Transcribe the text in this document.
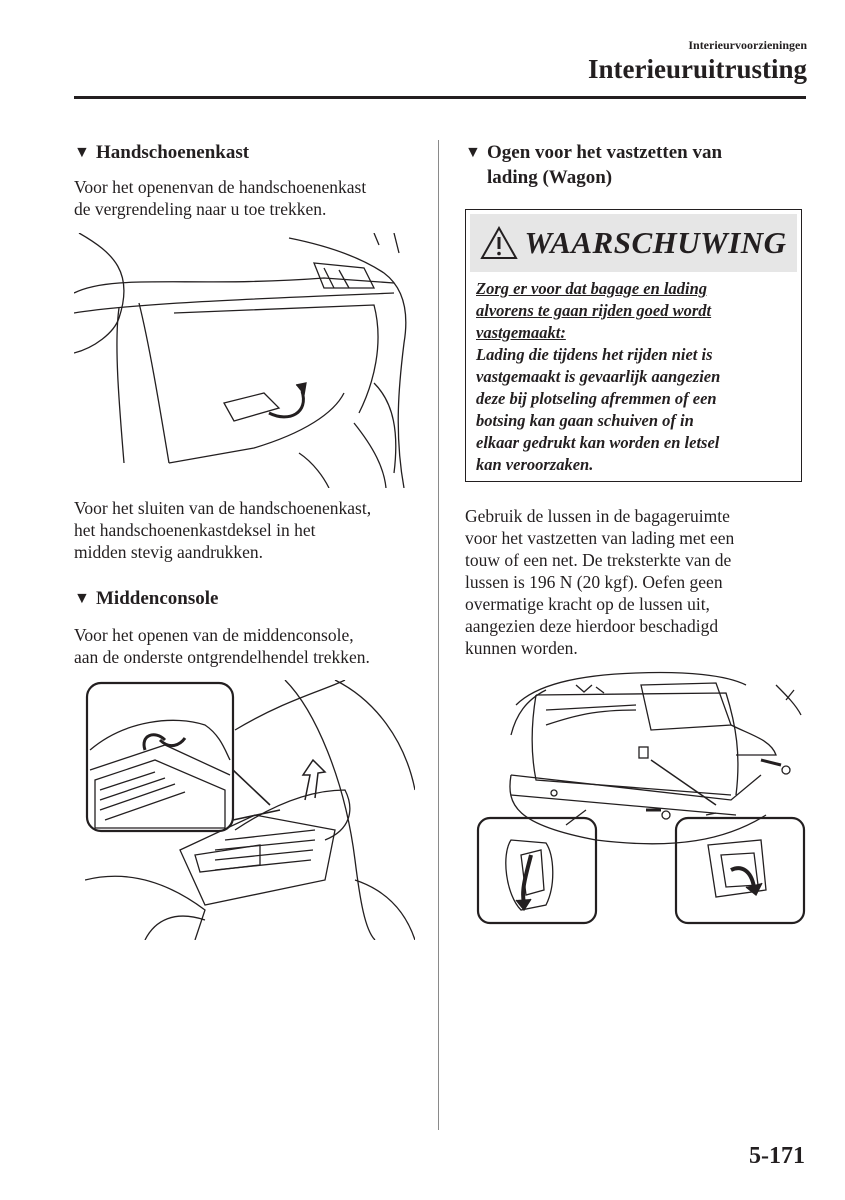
Interieurvoorzieningen
Interieuruitrusting

▼ Handschoenenkast

Voor het openenvan de handschoenenkast

de vergrendeling naar u toe trekken.

Voor het sluiten van de handschoenenkast,

het handschoenenkastdeksel in het

midden stevig aandrukken.

▼ Middenconsole

Voor het openen van de middenconsole,

aan de onderste ontgrendelhendel trekken.

▼ Ogen voor het vastzetten van

lading (Wagon)

WAARSCHUWING
Zorg er voor dat bagage en lading
alvorens te gaan rijden goed wordt
vastgemaakt:
Lading die tijdens het rijden niet is
vastgemaakt is gevaarlijk aangezien
deze bij plotseling afremmen of een
botsing kan gaan schuiven of in
elkaar gedrukt kan worden en letsel
kan veroorzaken.

Gebruik de lussen in de bagageruimte

voor het vastzetten van lading met een

touw of een net. De treksterkte van de

lussen is 196 N (20 kgf). Oefen geen

overmatige kracht op de lussen uit,

aangezien deze hierdoor beschadigd

kunnen worden.

5-171
